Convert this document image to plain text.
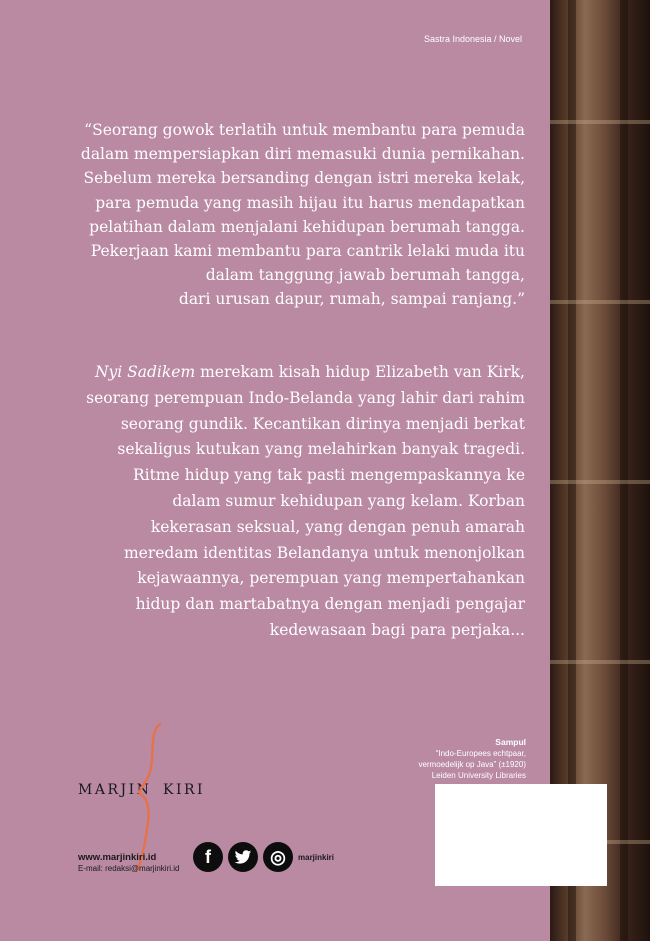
Sastra Indonesia / Novel

“Seorang gowok terlatih untuk membantu para pemuda

dalam mempersiapkan diri memasuki dunia pernikahan.

Sebelum mereka bersanding dengan istri mereka kelak,

para pemuda yang masih hijau itu harus mendapatkan

pelatihan dalam menjalani kehidupan berumah tangga.

Pekerjaan kami membantu para cantrik lelaki muda itu

dalam tanggung jawab berumah tangga,

dari urusan dapur, rumah, sampai ranjang.”

Nyi Sadikem merekam kisah hidup Elizabeth van Kirk,

seorang perempuan Indo-Belanda yang lahir dari rahim

seorang gundik. Kecantikan dirinya menjadi berkat

sekaligus kutukan yang melahirkan banyak tragedi.

Ritme hidup yang tak pasti mengempaskannya ke

dalam sumur kehidupan yang kelam. Korban

kekerasan seksual, yang dengan penuh amarah

meredam identitas Belandanya untuk menonjolkan

kejawaannya, perempuan yang mempertahankan

hidup dan martabatnya dengan menjadi pengajar

kedewasaan bagi para perjaka...

MARJIN KIRI
www.marjinkiri.id
E-mail: redaksi@marjinkiri.id
f	◎ marjinkiri
Sampul
“Indo-Europees echtpaar,
vermoedelijk op Java” (±1920)
Leiden University Libraries
